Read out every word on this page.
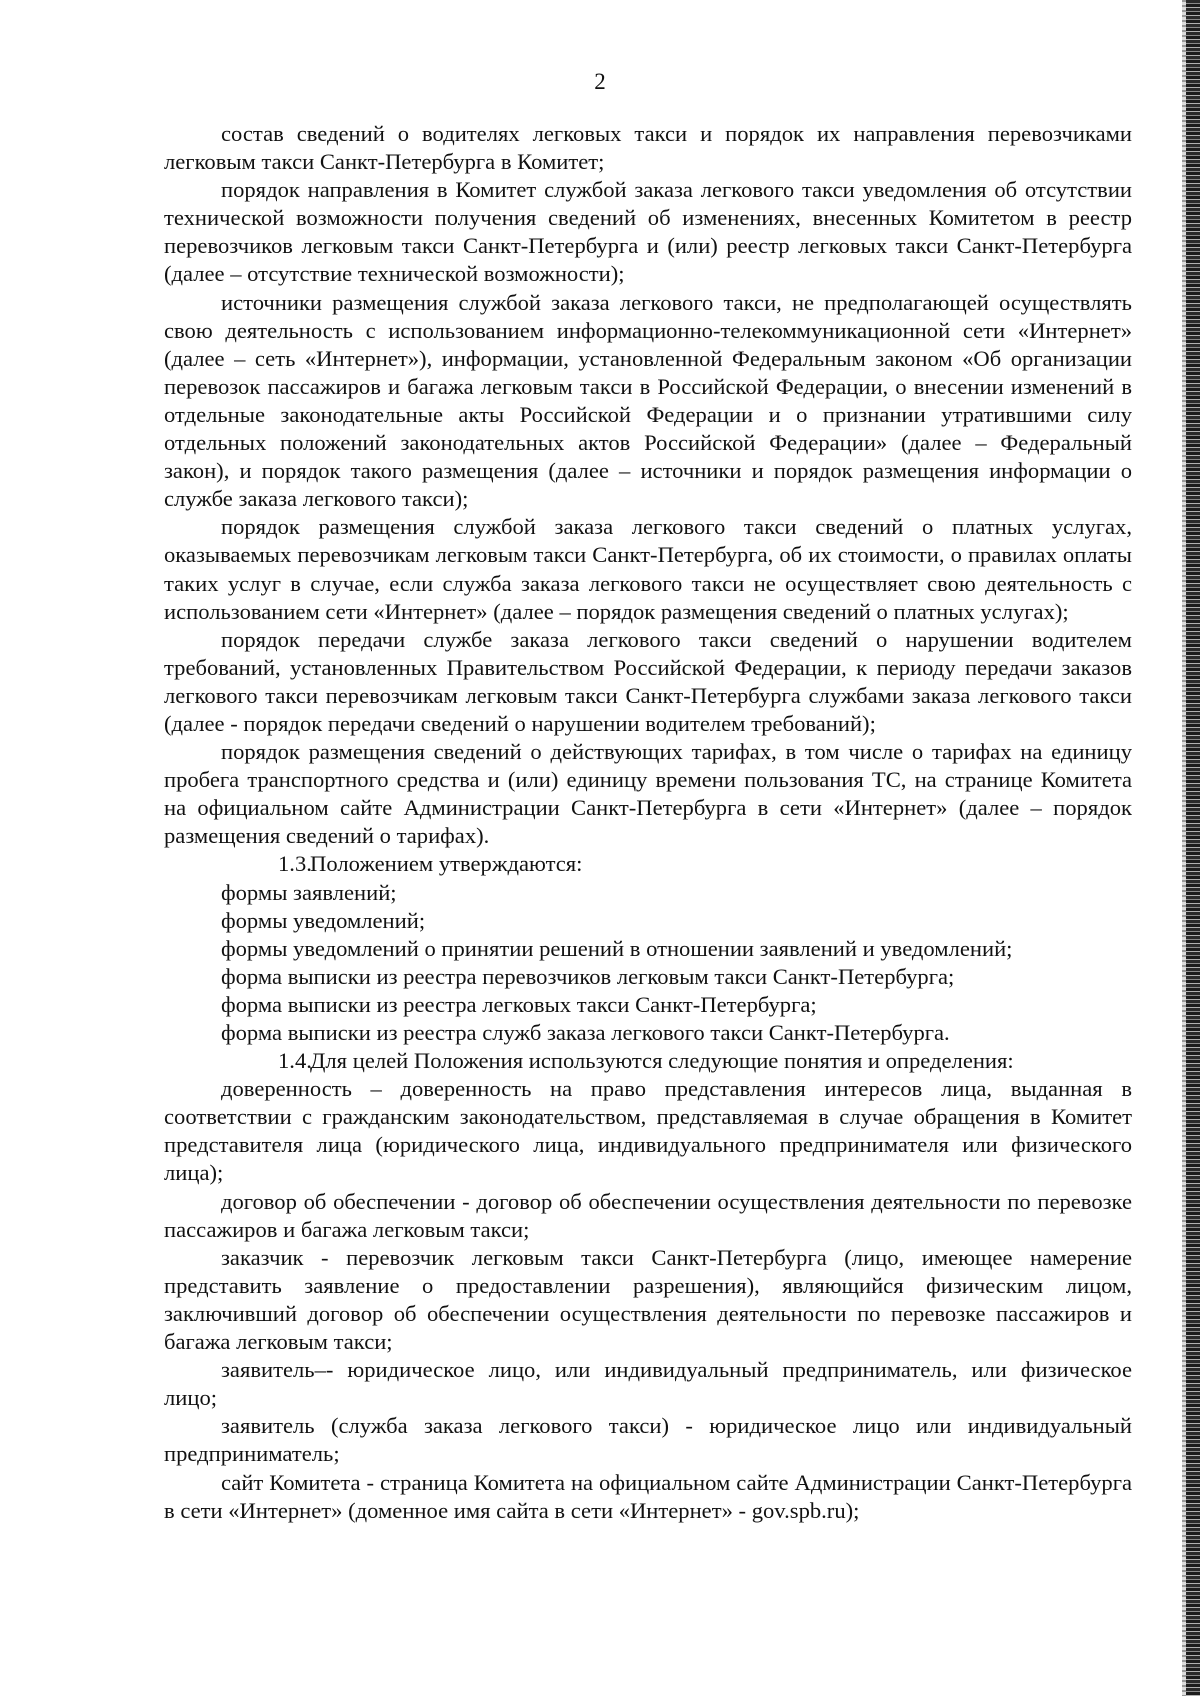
2

состав сведений о водителях легковых такси и порядок их направления перевозчиками легковым такси Санкт-Петербурга в Комитет;

порядок направления в Комитет службой заказа легкового такси уведомления об отсутствии технической возможности получения сведений об изменениях, внесенных Комитетом в реестр перевозчиков легковым такси Санкт-Петербурга и (или) реестр легковых такси Санкт-Петербурга (далее – отсутствие технической возможности);

источники размещения службой заказа легкового такси, не предполагающей осуществлять свою деятельность с использованием информационно-телекоммуникационной сети «Интернет» (далее – сеть «Интернет»), информации, установленной Федеральным законом «Об организации перевозок пассажиров и багажа легковым такси в Российской Федерации, о внесении изменений в отдельные законодательные акты Российской Федерации и о признании утратившими силу отдельных положений законодательных актов Российской Федерации» (далее – Федеральный закон), и порядок такого размещения (далее – источники и порядок размещения информации о службе заказа легкового такси);

порядок размещения службой заказа легкового такси сведений о платных услугах, оказываемых перевозчикам легковым такси Санкт-Петербурга, об их стоимости, о правилах оплаты таких услуг в случае, если служба заказа легкового такси не осуществляет свою деятельность с использованием сети «Интернет» (далее – порядок размещения сведений о платных услугах);

порядок передачи службе заказа легкового такси сведений о нарушении водителем требований, установленных Правительством Российской Федерации, к периоду передачи заказов легкового такси перевозчикам легковым такси Санкт-Петербурга службами заказа легкового такси (далее - порядок передачи сведений о нарушении водителем требований);

порядок размещения сведений о действующих тарифах, в том числе о тарифах на единицу пробега транспортного средства и (или) единицу времени пользования ТС, на странице Комитета на официальном сайте Администрации Санкт-Петербурга в сети «Интернет» (далее – порядок размещения сведений о тарифах).

1.3.Положением утверждаются:

формы заявлений;

формы уведомлений;

формы уведомлений о принятии решений в отношении заявлений и уведомлений;

форма выписки из реестра перевозчиков легковым такси Санкт-Петербурга;

форма выписки из реестра легковых такси Санкт-Петербурга;

форма выписки из реестра служб заказа легкового такси Санкт-Петербурга.

1.4.Для целей Положения используются следующие понятия и определения:

доверенность – доверенность на право представления интересов лица, выданная в соответствии с гражданским законодательством, представляемая в случае обращения в Комитет представителя лица (юридического лица, индивидуального предпринимателя или физического лица);

договор об обеспечении - договор об обеспечении осуществления деятельности по перевозке пассажиров и багажа легковым такси;

заказчик - перевозчик легковым такси Санкт-Петербурга (лицо, имеющее намерение представить заявление о предоставлении разрешения), являющийся физическим лицом, заключивший договор об обеспечении осуществления деятельности по перевозке пассажиров и багажа легковым такси;

заявитель–- юридическое лицо, или индивидуальный предприниматель, или физическое лицо;

заявитель (служба заказа легкового такси) - юридическое лицо или индивидуальный предприниматель;

сайт Комитета - страница Комитета на официальном сайте Администрации Санкт-Петербурга в сети «Интернет» (доменное имя сайта в сети «Интернет» - gov.spb.ru);
